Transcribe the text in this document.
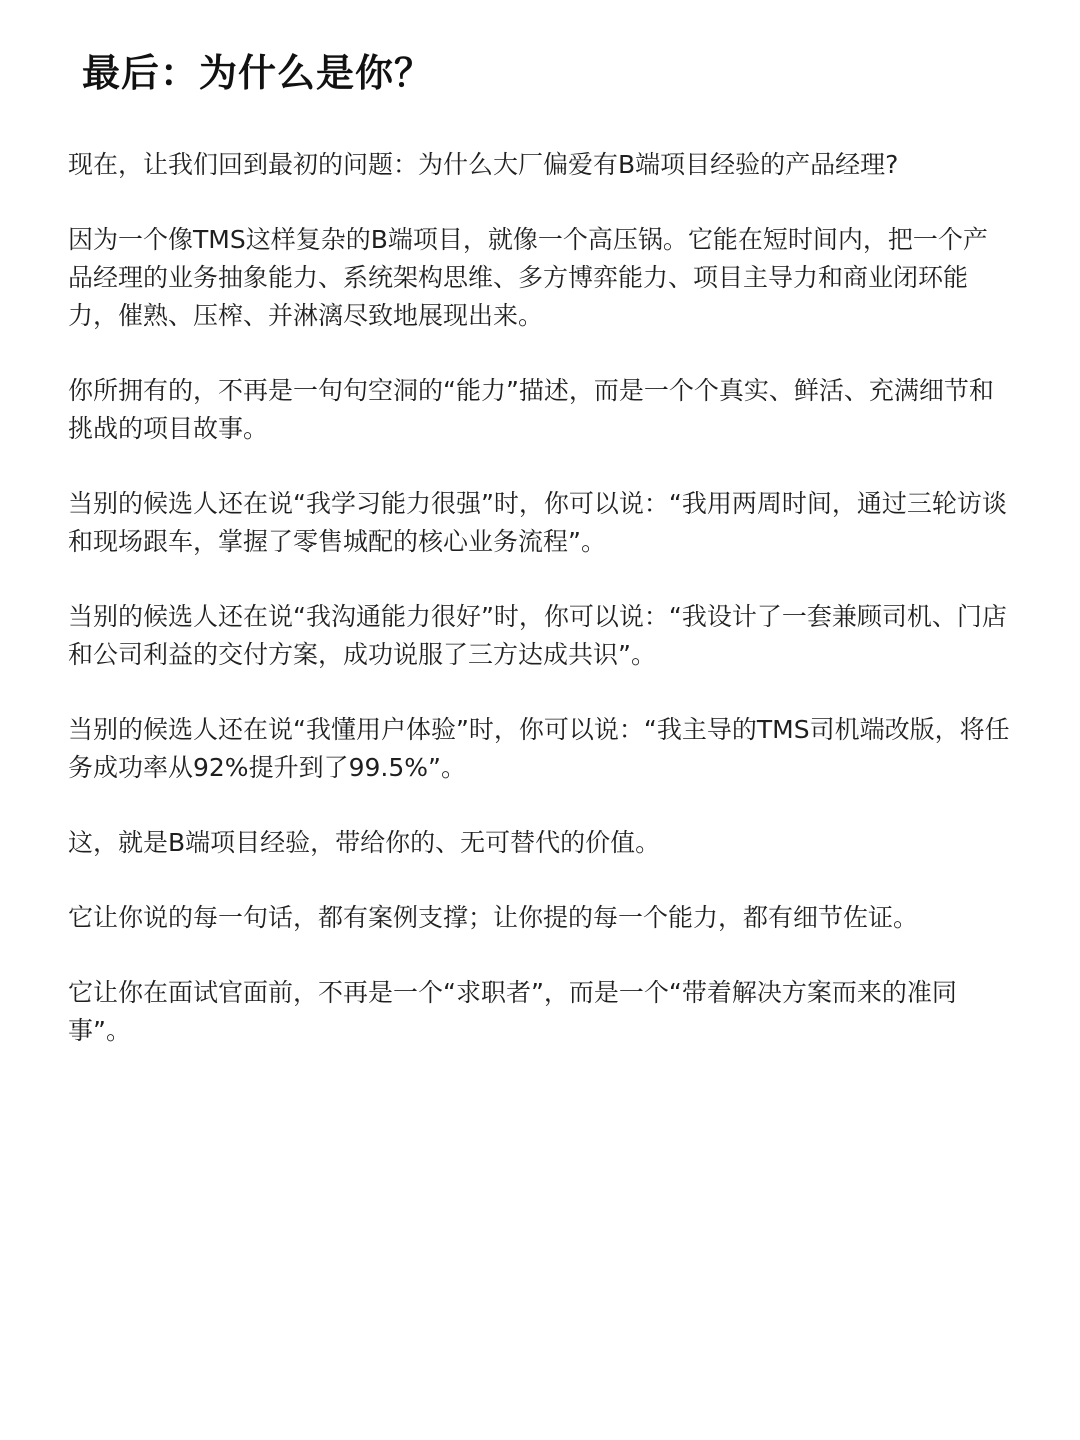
最后：为什么是你？

现在，让我们回到最初的问题：为什么大厂偏爱有B端项目经验的产品经理?

因为一个像TMS这样复杂的B端项目，就像一个高压锅。它能在短时间内，把一个产品经理的业务抽象能力、系统架构思维、多方博弈能力、项目主导力和商业闭环能力，催熟、压榨、并淋漓尽致地展现出来。

你所拥有的，不再是一句句空洞的“能力”描述，而是一个个真实、鲜活、充满细节和挑战的项目故事。

当别的候选人还在说“我学习能力很强”时，你可以说：“我用两周时间，通过三轮访谈和现场跟车，掌握了零售城配的核心业务流程”。

当别的候选人还在说“我沟通能力很好”时，你可以说：“我设计了一套兼顾司机、门店和公司利益的交付方案，成功说服了三方达成共识”。

当别的候选人还在说“我懂用户体验”时，你可以说：“我主导的TMS司机端改版，将任务成功率从92%提升到了99.5%”。

这，就是B端项目经验，带给你的、无可替代的价值。

它让你说的每一句话，都有案例支撑；让你提的每一个能力，都有细节佐证。

它让你在面试官面前，不再是一个“求职者”，而是一个“带着解决方案而来的准同事”。
